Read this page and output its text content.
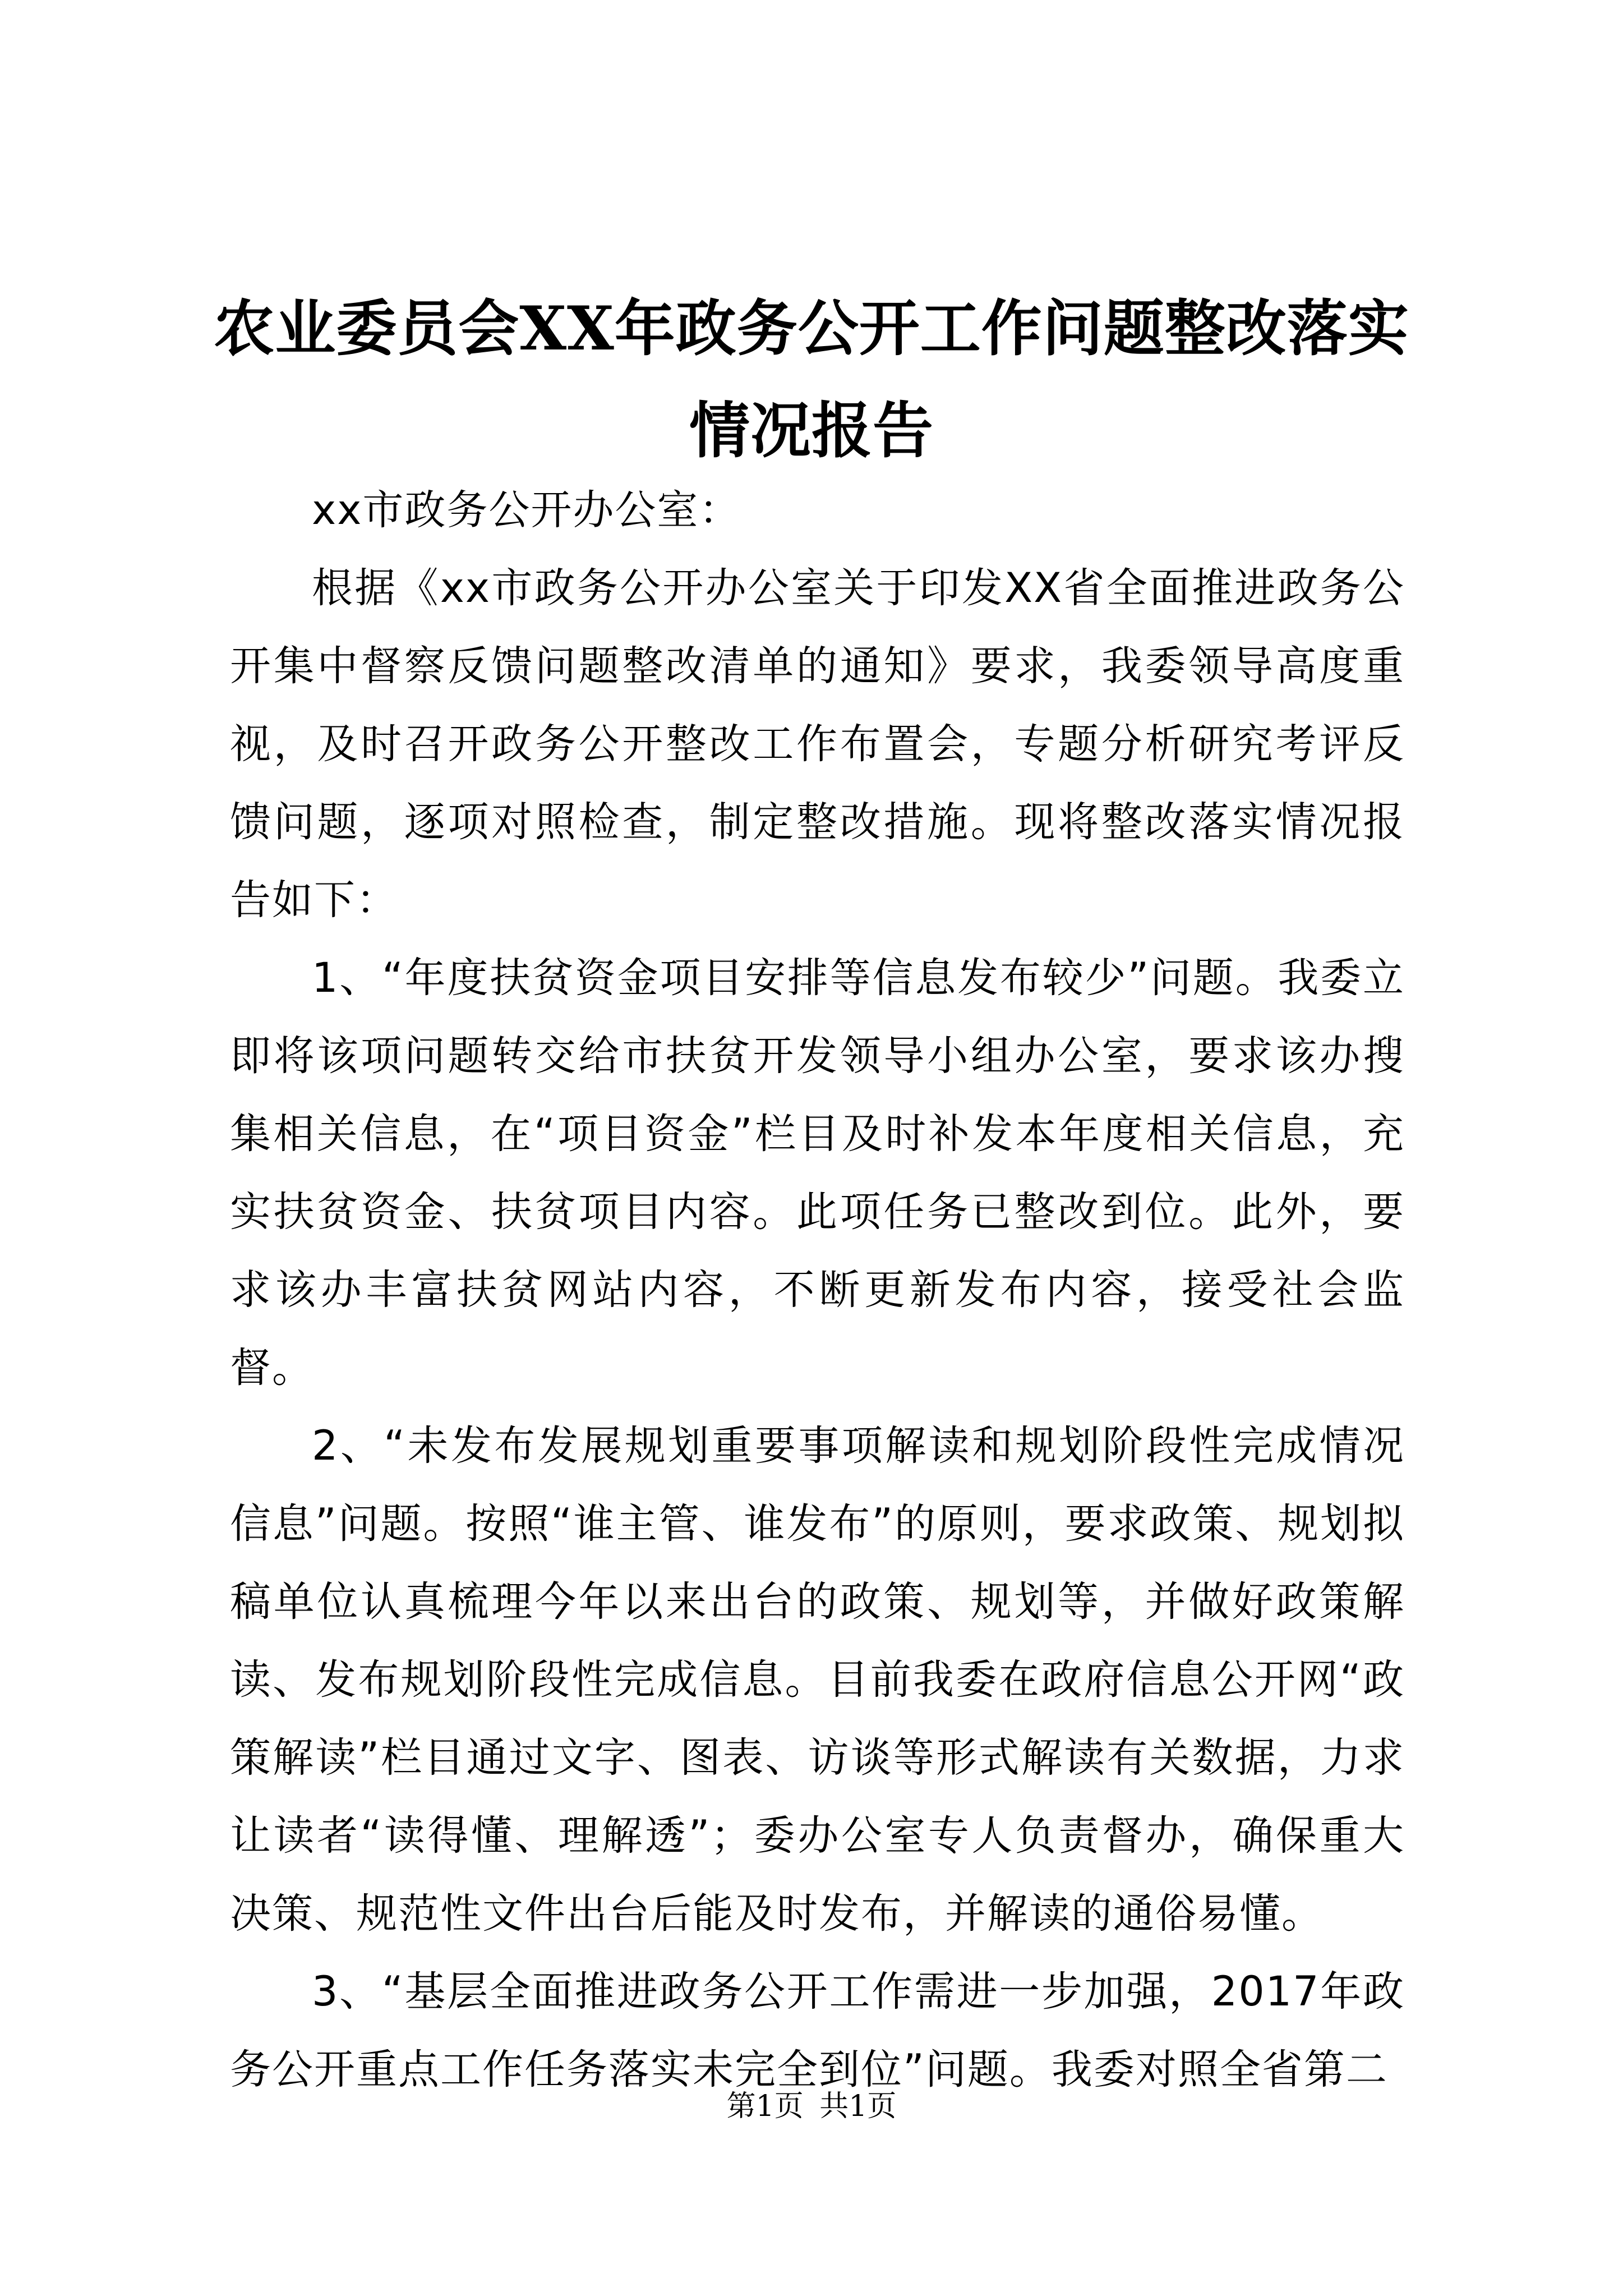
农业委员会XX年政务公开工作问题整改落实情况报告

xx市政务公开办公室：

根据《xx市政务公开办公室关于印发XX省全面推进政务公开集中督察反馈问题整改清单的通知》要求，我委领导高度重视，及时召开政务公开整改工作布置会，专题分析研究考评反馈问题，逐项对照检查，制定整改措施。现将整改落实情况报告如下：

1、“年度扶贫资金项目安排等信息发布较少”问题。我委立即将该项问题转交给市扶贫开发领导小组办公室，要求该办搜集相关信息，在“项目资金”栏目及时补发本年度相关信息，充实扶贫资金、扶贫项目内容。此项任务已整改到位。此外，要求该办丰富扶贫网站内容，不断更新发布内容，接受社会监督。

2、“未发布发展规划重要事项解读和规划阶段性完成情况信息”问题。按照“谁主管、谁发布”的原则，要求政策、规划拟稿单位认真梳理今年以来出台的政策、规划等，并做好政策解读、发布规划阶段性完成信息。目前我委在政府信息公开网“政策解读”栏目通过文字、图表、访谈等形式解读有关数据，力求让读者“读得懂、理解透”；委办公室专人负责督办，确保重大决策、规范性文件出台后能及时发布，并解读的通俗易懂。

3、“基层全面推进政务公开工作需进一步加强，2017年政务公开重点工作任务落实未完全到位”问题。我委对照全省第二

第1页 共1页
